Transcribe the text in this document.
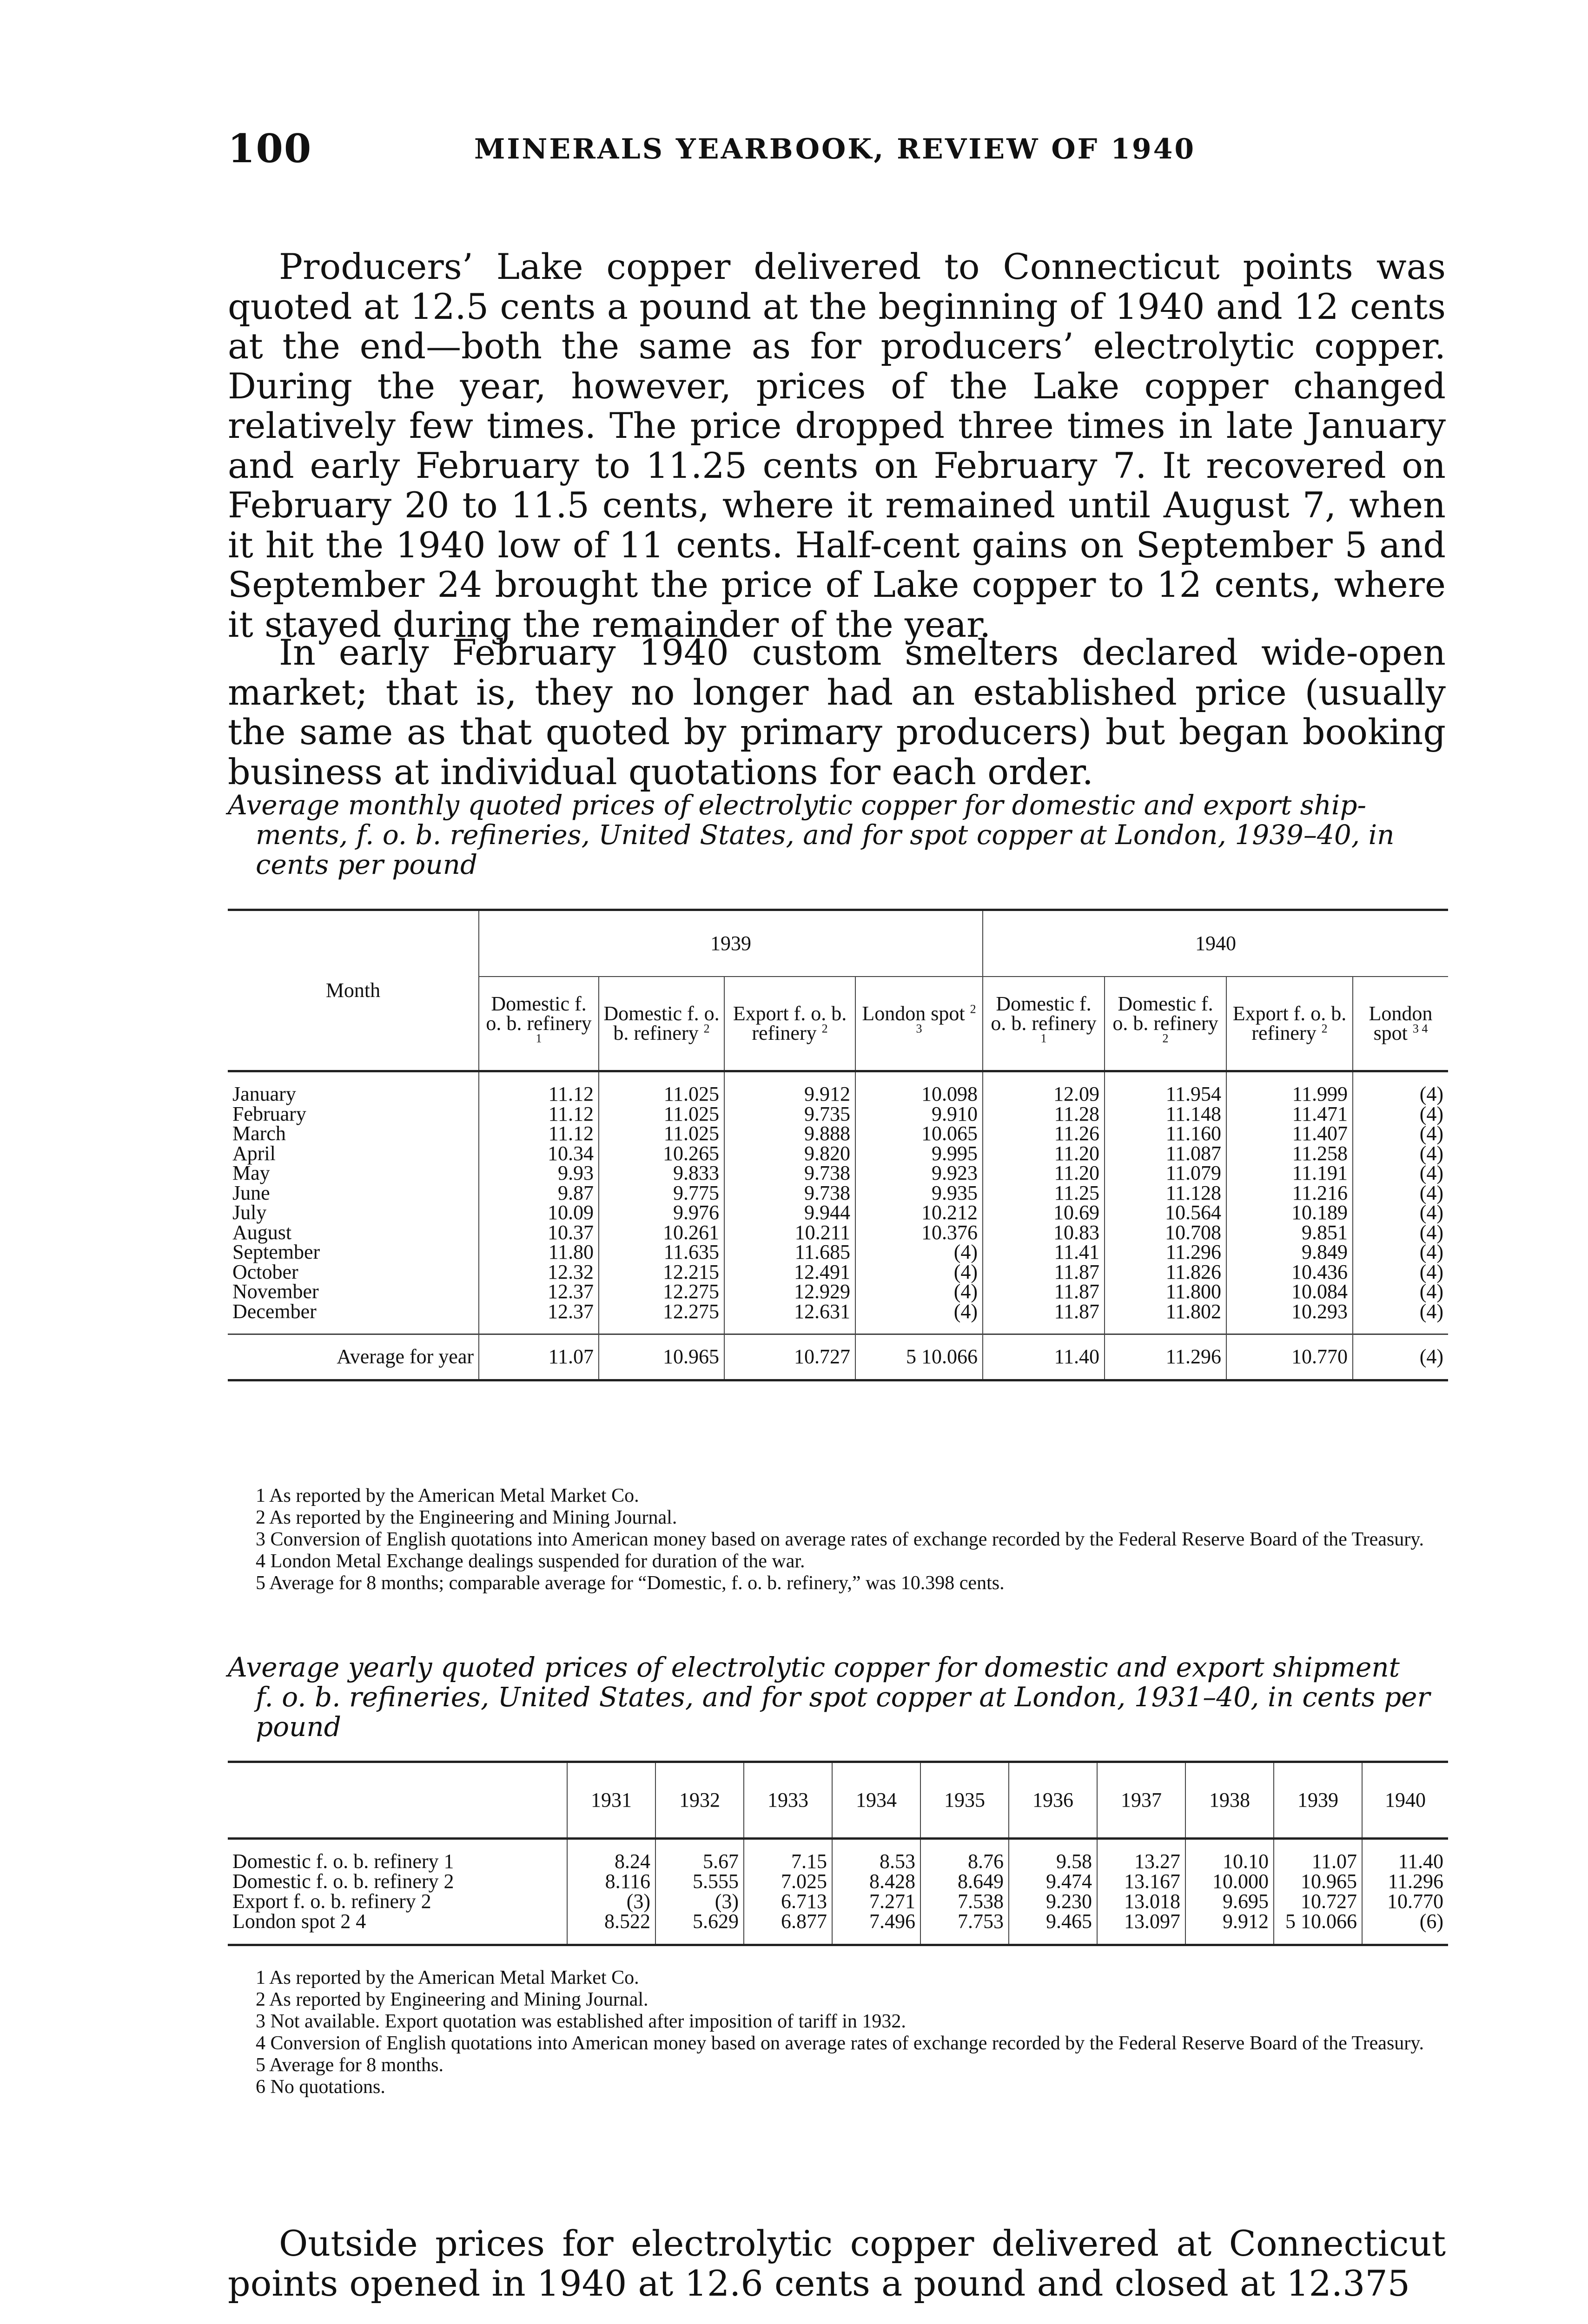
100	MINERALS YEARBOOK, REVIEW OF 1940

Producers’ Lake copper delivered to Connecticut points was quoted at 12.5 cents a pound at the beginning of 1940 and 12 cents at the end—both the same as for producers’ electrolytic copper. During the year, however, prices of the Lake copper changed relatively few times. The price dropped three times in late January and early February to 11.25 cents on February 7. It recovered on February 20 to 11.5 cents, where it remained until August 7, when it hit the 1940 low of 11 cents. Half-cent gains on September 5 and September 24 brought the price of Lake copper to 12 cents, where it stayed during the remainder of the year.

In early February 1940 custom smelters declared wide-open market; that is, they no longer had an established price (usually the same as that quoted by primary producers) but began booking business at individual quotations for each order.

Average monthly quoted prices of electrolytic copper for domestic and export ship-
ments, f. o. b. refineries, United States, and for spot copper at London, 1939–40, in cents per pound
Month	1939				1940			
	Domestic f. o. b. refinery $^1$	Domestic f. o. b. refinery $^2$	Export f. o. b. refinery $^2$	London spot $^{2 3}$	Domestic f. o. b. refinery $^1$	Domestic f. o. b. refinery $^2$	Export f. o. b. refinery $^2$	London spot $^{3 4}$

January	11.12	11.025	9.912	10.098	12.09	11.954	11.999	(4)
February	11.12	11.025	9.735	9.910	11.28	11.148	11.471	(4)
March	11.12	11.025	9.888	10.065	11.26	11.160	11.407	(4)
April	10.34	10.265	9.820	9.995	11.20	11.087	11.258	(4)
May	9.93	9.833	9.738	9.923	11.20	11.079	11.191	(4)
June	9.87	9.775	9.738	9.935	11.25	11.128	11.216	(4)
July	10.09	9.976	9.944	10.212	10.69	10.564	10.189	(4)
August	10.37	10.261	10.211	10.376	10.83	10.708	9.851	(4)
September	11.80	11.635	11.685	(4)	11.41	11.296	9.849	(4)
October	12.32	12.215	12.491	(4)	11.87	11.826	10.436	(4)
November	12.37	12.275	12.929	(4)	11.87	11.800	10.084	(4)
December	12.37	12.275	12.631	(4)	11.87	11.802	10.293	(4)

Average for year	11.07	10.965	10.727	5 10.066	11.40	11.296	10.770	(4)

1 As reported by the American Metal Market Co.

2 As reported by the Engineering and Mining Journal.

3 Conversion of English quotations into American money based on average rates of exchange recorded by the Federal Reserve Board of the Treasury.

4 London Metal Exchange dealings suspended for duration of the war.

5 Average for 8 months; comparable average for “Domestic, f. o. b. refinery,” was 10.398 cents.

Average yearly quoted prices of electrolytic copper for domestic and export shipment
f. o. b. refineries, United States, and for spot copper at London, 1931–40, in cents per pound
	1931	1932	1933	1934	1935	1936	1937	1938	1939	1940

Domestic f. o. b. refinery 1	8.24	5.67	7.15	8.53	8.76	9.58	13.27	10.10	11.07	11.40
Domestic f. o. b. refinery 2	8.116	5.555	7.025	8.428	8.649	9.474	13.167	10.000	10.965	11.296
Export f. o. b. refinery 2	(3)	(3)	6.713	7.271	7.538	9.230	13.018	9.695	10.727	10.770
London spot 2 4	8.522	5.629	6.877	7.496	7.753	9.465	13.097	9.912	5 10.066	(6)

1 As reported by the American Metal Market Co.

2 As reported by Engineering and Mining Journal.

3 Not available. Export quotation was established after imposition of tariff in 1932.

4 Conversion of English quotations into American money based on average rates of exchange recorded by the Federal Reserve Board of the Treasury.

5 Average for 8 months.

6 No quotations.

Outside prices for electrolytic copper delivered at Connecticut points opened in 1940 at 12.6 cents a pound and closed at 12.375
